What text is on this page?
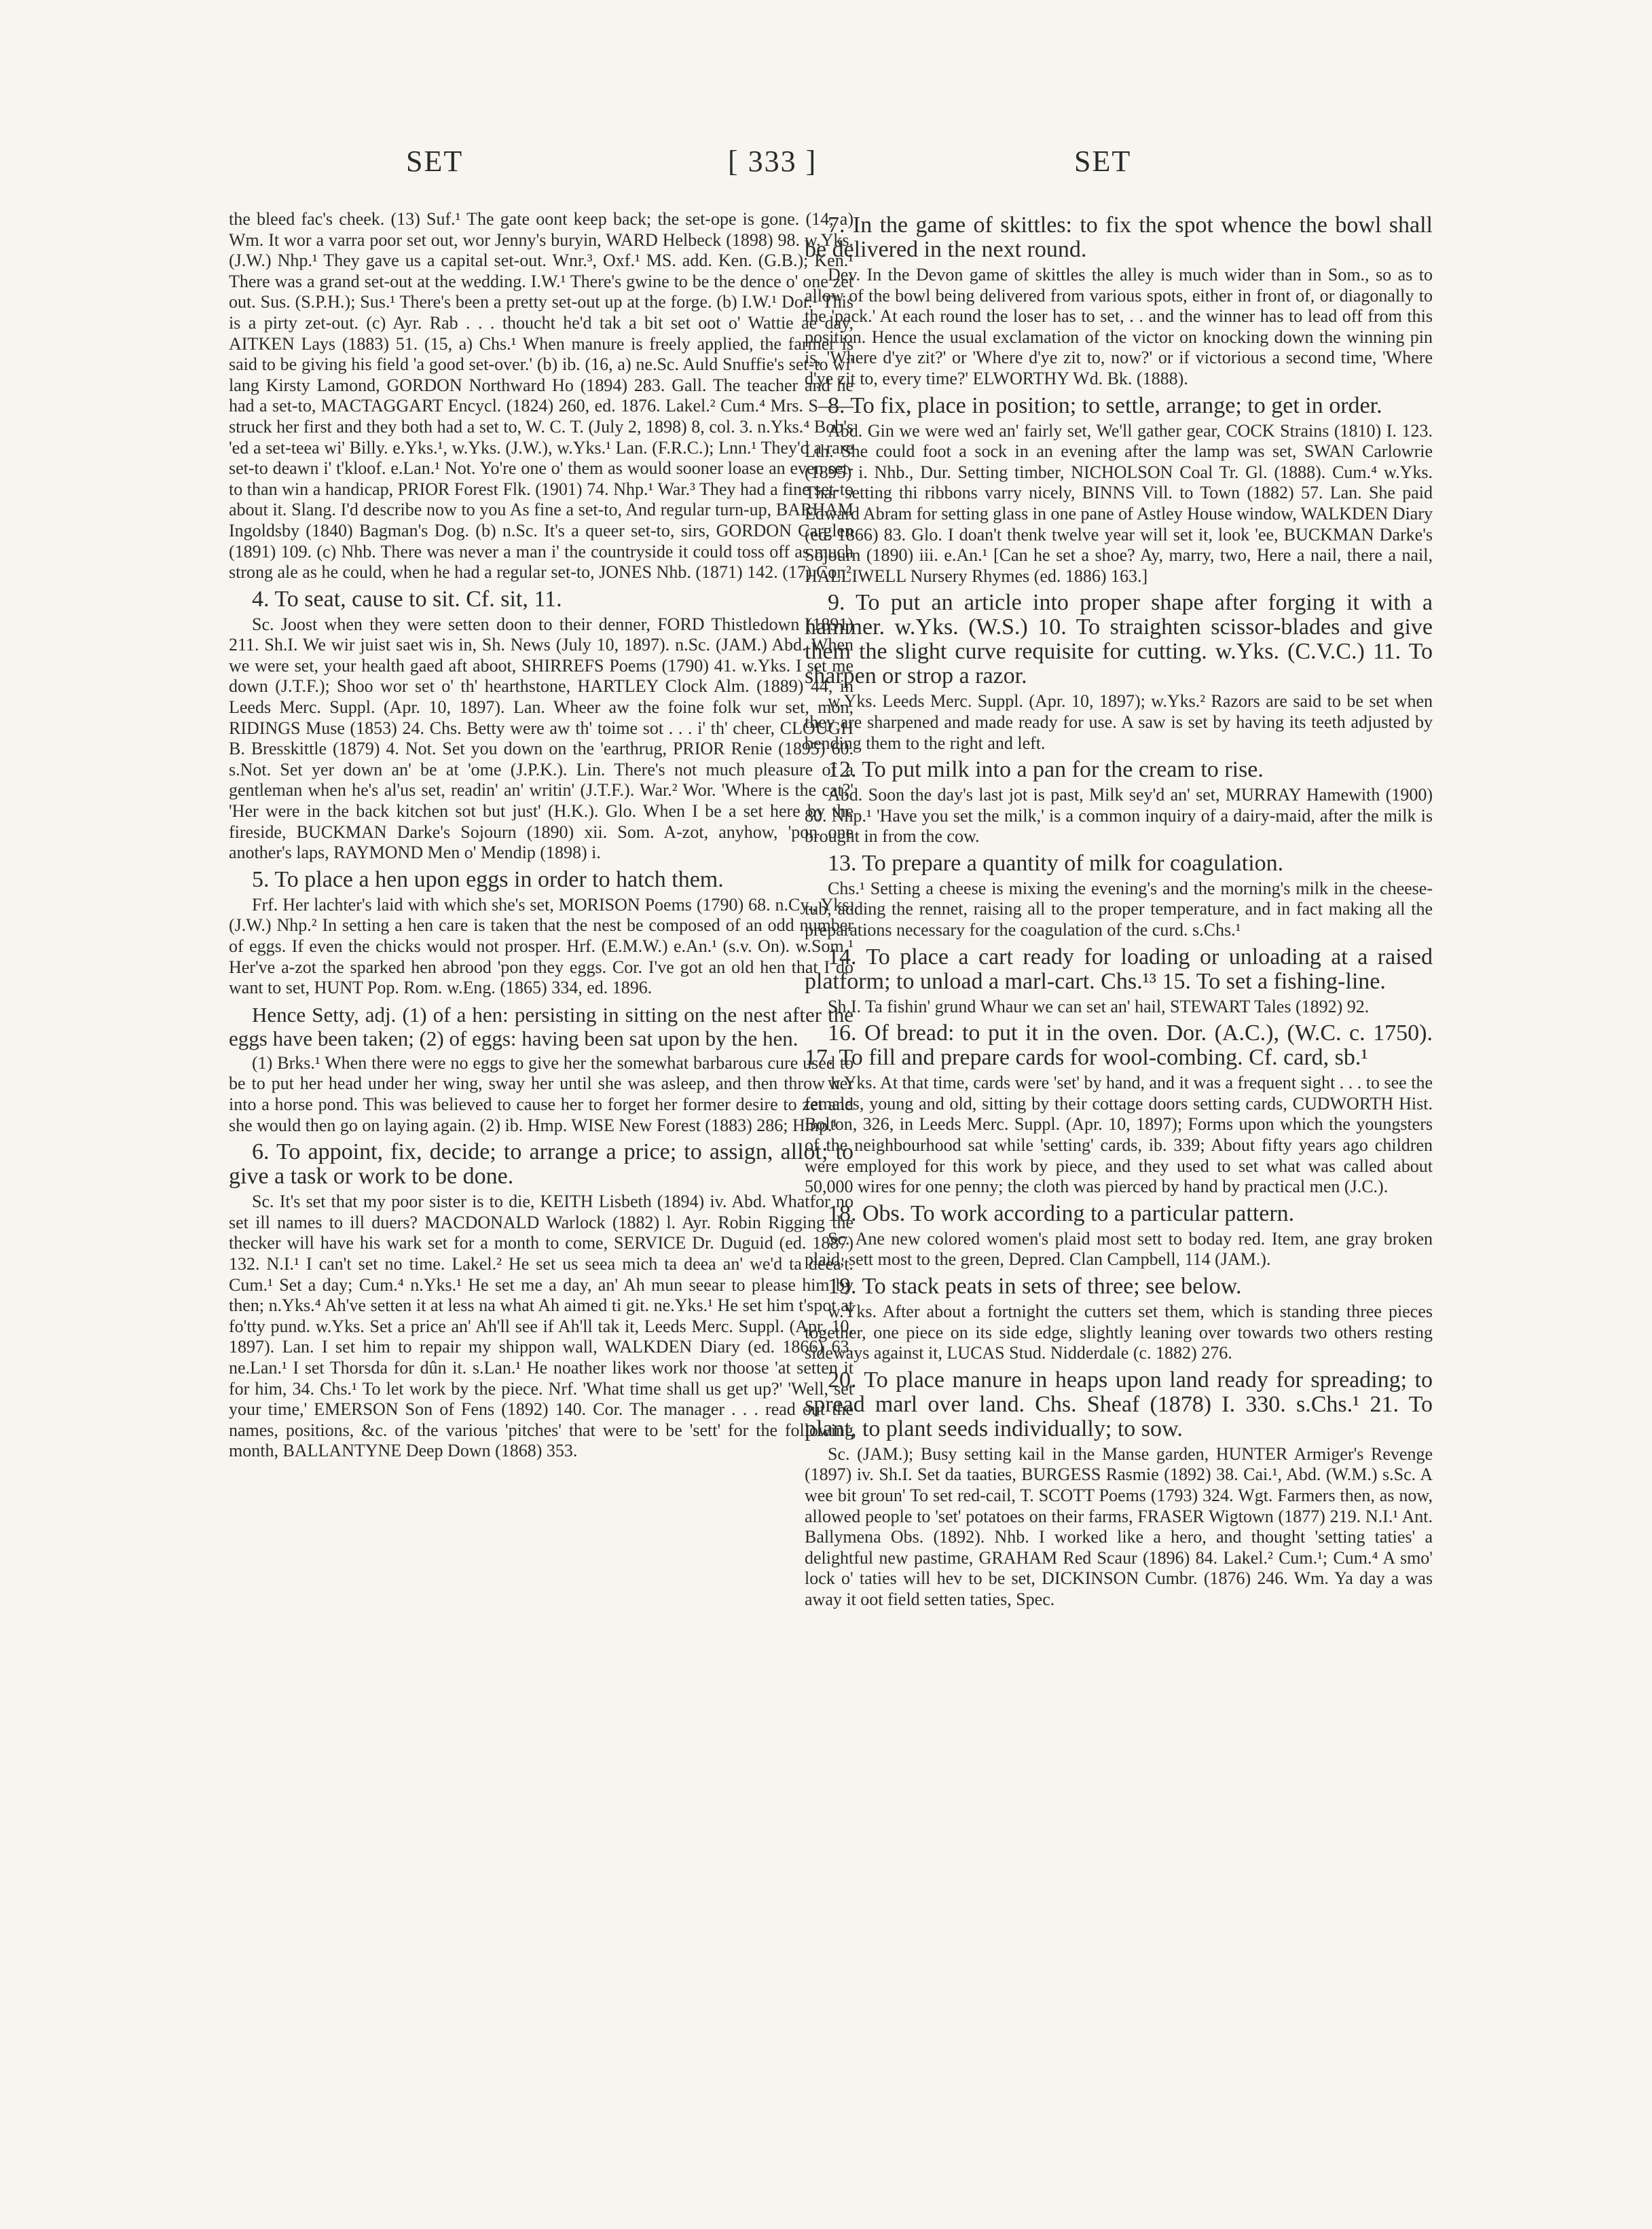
SET	[ 333 ]	SET

the bleed fac's cheek. (13) Suf.¹ The gate oont keep back; the set-ope is gone. (14, a) Wm. It wor a varra poor set out, wor Jenny's buryin, WARD Helbeck (1898) 98. w.Yks. (J.W.) Nhp.¹ They gave us a capital set-out. Wnr.³, Oxf.¹ MS. add. Ken. (G.B.); Ken.¹ There was a grand set-out at the wedding. I.W.¹ There's gwine to be the dence o' one zet out. Sus. (S.P.H.); Sus.¹ There's been a pretty set-out up at the forge. (b) I.W.¹ Dor.¹ This is a pirty zet-out. (c) Ayr. Rab . . . thoucht he'd tak a bit set oot o' Wattie ae day, AITKEN Lays (1883) 51. (15, a) Chs.¹ When manure is freely applied, the farmer is said to be giving his field 'a good set-over.' (b) ib. (16, a) ne.Sc. Auld Snuffie's set-to wi' lang Kirsty Lamond, GORDON Northward Ho (1894) 283. Gall. The teacher and he had a set-to, MACTAGGART Encycl. (1824) 260, ed. 1876. Lakel.² Cum.⁴ Mrs. S—— struck her first and they both had a set to, W. C. T. (July 2, 1898) 8, col. 3. n.Yks.⁴ Bob's 'ed a set-teea wi' Billy. e.Yks.¹, w.Yks. (J.W.), w.Yks.¹ Lan. (F.R.C.); Lnn.¹ They'd a rare set-to deawn i' t'kloof. e.Lan.¹ Not. Yo're one o' them as would sooner loase an even set-to than win a handicap, PRIOR Forest Flk. (1901) 74. Nhp.¹ War.³ They had a fine set-to about it. Slang. I'd describe now to you As fine a set-to, And regular turn-up, BARHAM Ingoldsby (1840) Bagman's Dog. (b) n.Sc. It's a queer set-to, sirs, GORDON Carglen (1891) 109. (c) Nhb. There was never a man i' the countryside it could toss off as much strong ale as he could, when he had a regular set-to, JONES Nhb. (1871) 142. (17) Cor.²

4. To seat, cause to sit. Cf. sit, 11.

Sc. Joost when they were setten doon to their denner, FORD Thistledown (1891) 211. Sh.I. We wir juist saet wis in, Sh. News (July 10, 1897). n.Sc. (JAM.) Abd. When we were set, your health gaed aft aboot, SHIRREFS Poems (1790) 41. w.Yks. I set me down (J.T.F.); Shoo wor set o' th' hearthstone, HARTLEY Clock Alm. (1889) 44, in Leeds Merc. Suppl. (Apr. 10, 1897). Lan. Wheer aw the foine folk wur set, mon, RIDINGS Muse (1853) 24. Chs. Betty were aw th' toime sot . . . i' th' cheer, CLOUGH B. Bresskittle (1879) 4. Not. Set you down on the 'earthrug, PRIOR Renie (1895) 60. s.Not. Set yer down an' be at 'ome (J.P.K.). Lin. There's not much pleasure of a gentleman when he's al'us set, readin' an' writin' (J.T.F.). War.² Wor. 'Where is the cat?' 'Her were in the back kitchen sot but just' (H.K.). Glo. When I be a set here by the fireside, BUCKMAN Darke's Sojourn (1890) xii. Som. A-zot, anyhow, 'pon one another's laps, RAYMOND Men o' Mendip (1898) i.

5. To place a hen upon eggs in order to hatch them.

Frf. Her lachter's laid with which she's set, MORISON Poems (1790) 68. n.Cy., Yks. (J.W.) Nhp.² In setting a hen care is taken that the nest be composed of an odd number of eggs. If even the chicks would not prosper. Hrf. (E.M.W.) e.An.¹ (s.v. On). w.Som.¹ Her've a-zot the sparked hen abrood 'pon they eggs. Cor. I've got an old hen that I do want to set, HUNT Pop. Rom. w.Eng. (1865) 334, ed. 1896.

Hence Setty, adj. (1) of a hen: persisting in sitting on the nest after the eggs have been taken; (2) of eggs: having been sat upon by the hen.

(1) Brks.¹ When there were no eggs to give her the somewhat barbarous cure used to be to put her head under her wing, sway her until she was asleep, and then throw her into a horse pond. This was believed to cause her to forget her former desire to zet and she would then go on laying again. (2) ib. Hmp. WISE New Forest (1883) 286; Hmp.¹

6. To appoint, fix, decide; to arrange a price; to assign, allot; to give a task or work to be done.

Sc. It's set that my poor sister is to die, KEITH Lisbeth (1894) iv. Abd. Whatfor no set ill names to ill duers? MACDONALD Warlock (1882) l. Ayr. Robin Rigging the thecker will have his wark set for a month to come, SERVICE Dr. Duguid (ed. 1887) 132. N.I.¹ I can't set no time. Lakel.² He set us seea mich ta deea an' we'd ta deea't. Cum.¹ Set a day; Cum.⁴ n.Yks.¹ He set me a day, an' Ah mun seear to please him by then; n.Yks.⁴ Ah've setten it at less na what Ah aimed ti git. ne.Yks.¹ He set him t'spot at fo'tty pund. w.Yks. Set a price an' Ah'll see if Ah'll tak it, Leeds Merc. Suppl. (Apr. 10, 1897). Lan. I set him to repair my shippon wall, WALKDEN Diary (ed. 1866) 63. ne.Lan.¹ I set Thorsda for dûn it. s.Lan.¹ He noather likes work nor thoose 'at setten it for him, 34. Chs.¹ To let work by the piece. Nrf. 'What time shall us get up?' 'Well, set your time,' EMERSON Son of Fens (1892) 140. Cor. The manager . . . read out the names, positions, &c. of the various 'pitches' that were to be 'sett' for the following month, BALLANTYNE Deep Down (1868) 353.

7. In the game of skittles: to fix the spot whence the bowl shall be delivered in the next round.

Dev. In the Devon game of skittles the alley is much wider than in Som., so as to allow of the bowl being delivered from various spots, either in front of, or diagonally to the 'pack.' At each round the loser has to set, . . and the winner has to lead off from this position. Hence the usual exclamation of the victor on knocking down the winning pin is, 'Where d'ye zit?' or 'Where d'ye zit to, now?' or if victorious a second time, 'Where d'ye zit to, every time?' ELWORTHY Wd. Bk. (1888).

8. To fix, place in position; to settle, arrange; to get in order.

Abd. Gin we were wed an' fairly set, We'll gather gear, COCK Strains (1810) I. 123. Lth. She could foot a sock in an evening after the lamp was set, SWAN Carlowrie (1895) i. Nhb., Dur. Setting timber, NICHOLSON Coal Tr. Gl. (1888). Cum.⁴ w.Yks. Thar setting thi ribbons varry nicely, BINNS Vill. to Town (1882) 57. Lan. She paid Edward Abram for setting glass in one pane of Astley House window, WALKDEN Diary (ed. 1866) 83. Glo. I doan't thenk twelve year will set it, look 'ee, BUCKMAN Darke's Sojourn (1890) iii. e.An.¹ [Can he set a shoe? Ay, marry, two, Here a nail, there a nail, HALLIWELL Nursery Rhymes (ed. 1886) 163.]

9. To put an article into proper shape after forging it with a hammer. w.Yks. (W.S.) 10. To straighten scissor-blades and give them the slight curve requisite for cutting. w.Yks. (C.V.C.) 11. To sharpen or strop a razor.

w.Yks. Leeds Merc. Suppl. (Apr. 10, 1897); w.Yks.² Razors are said to be set when they are sharpened and made ready for use. A saw is set by having its teeth adjusted by bending them to the right and left.

12. To put milk into a pan for the cream to rise.

Abd. Soon the day's last jot is past, Milk sey'd an' set, MURRAY Hamewith (1900) 80. Nhp.¹ 'Have you set the milk,' is a common inquiry of a dairy-maid, after the milk is brought in from the cow.

13. To prepare a quantity of milk for coagulation.

Chs.¹ Setting a cheese is mixing the evening's and the morning's milk in the cheese-tub, adding the rennet, raising all to the proper temperature, and in fact making all the preparations necessary for the coagulation of the curd. s.Chs.¹

14. To place a cart ready for loading or unloading at a raised platform; to unload a marl-cart. Chs.¹³ 15. To set a fishing-line.

Sh.I. Ta fishin' grund Whaur we can set an' hail, STEWART Tales (1892) 92.

16. Of bread: to put it in the oven. Dor. (A.C.), (W.C. c. 1750). 17. To fill and prepare cards for wool-combing. Cf. card, sb.¹

w.Yks. At that time, cards were 'set' by hand, and it was a frequent sight . . . to see the females, young and old, sitting by their cottage doors setting cards, CUDWORTH Hist. Bolton, 326, in Leeds Merc. Suppl. (Apr. 10, 1897); Forms upon which the youngsters of the neighbourhood sat while 'setting' cards, ib. 339; About fifty years ago children were employed for this work by piece, and they used to set what was called about 50,000 wires for one penny; the cloth was pierced by hand by practical men (J.C.).

18. Obs. To work according to a particular pattern.

Sc. Ane new colored women's plaid most sett to boday red. Item, ane gray broken plaid, sett most to the green, Depred. Clan Campbell, 114 (JAM.).

19. To stack peats in sets of three; see below.

w.Yks. After about a fortnight the cutters set them, which is standing three pieces together, one piece on its side edge, slightly leaning over towards two others resting sideways against it, LUCAS Stud. Nidderdale (c. 1882) 276.

20. To place manure in heaps upon land ready for spreading; to spread marl over land. Chs. Sheaf (1878) I. 330. s.Chs.¹ 21. To plant, to plant seeds individually; to sow.

Sc. (JAM.); Busy setting kail in the Manse garden, HUNTER Armiger's Revenge (1897) iv. Sh.I. Set da taaties, BURGESS Rasmie (1892) 38. Cai.¹, Abd. (W.M.) s.Sc. A wee bit groun' To set red-cail, T. SCOTT Poems (1793) 324. Wgt. Farmers then, as now, allowed people to 'set' potatoes on their farms, FRASER Wigtown (1877) 219. N.I.¹ Ant. Ballymena Obs. (1892). Nhb. I worked like a hero, and thought 'setting taties' a delightful new pastime, GRAHAM Red Scaur (1896) 84. Lakel.² Cum.¹; Cum.⁴ A smo' lock o' taties will hev to be set, DICKINSON Cumbr. (1876) 246. Wm. Ya day a was away it oot field setten taties, Spec.
